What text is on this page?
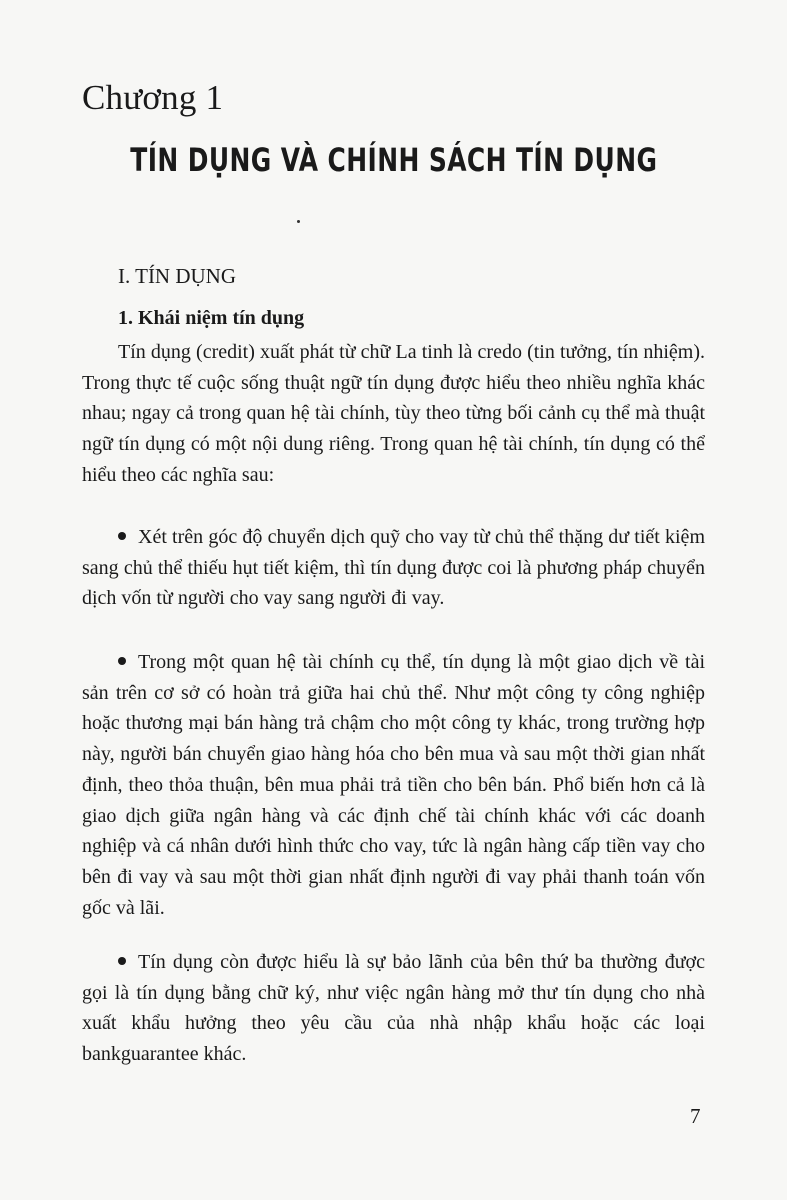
Chương 1
TÍN DỤNG VÀ CHÍNH SÁCH TÍN DỤNG
I. TÍN DỤNG
1. Khái niệm tín dụng

Tín dụng (credit) xuất phát từ chữ La tinh là credo (tin tưởng, tín nhiệm). Trong thực tế cuộc sống thuật ngữ tín dụng được hiểu theo nhiều nghĩa khác nhau; ngay cả trong quan hệ tài chính, tùy theo từng bối cảnh cụ thể mà thuật ngữ tín dụng có một nội dung riêng. Trong quan hệ tài chính, tín dụng có thể hiểu theo các nghĩa sau:

Xét trên góc độ chuyển dịch quỹ cho vay từ chủ thể thặng dư tiết kiệm sang chủ thể thiếu hụt tiết kiệm, thì tín dụng được coi là phương pháp chuyển dịch vốn từ người cho vay sang người đi vay.

Trong một quan hệ tài chính cụ thể, tín dụng là một giao dịch về tài sản trên cơ sở có hoàn trả giữa hai chủ thể. Như một công ty công nghiệp hoặc thương mại bán hàng trả chậm cho một công ty khác, trong trường hợp này, người bán chuyển giao hàng hóa cho bên mua và sau một thời gian nhất định, theo thỏa thuận, bên mua phải trả tiền cho bên bán. Phổ biến hơn cả là giao dịch giữa ngân hàng và các định chế tài chính khác với các doanh nghiệp và cá nhân dưới hình thức cho vay, tức là ngân hàng cấp tiền vay cho bên đi vay và sau một thời gian nhất định người đi vay phải thanh toán vốn gốc và lãi.

Tín dụng còn được hiểu là sự bảo lãnh của bên thứ ba thường được gọi là tín dụng bằng chữ ký, như việc ngân hàng mở thư tín dụng cho nhà xuất khẩu hưởng theo yêu cầu của nhà nhập khẩu hoặc các loại bankguarantee khác.

7
